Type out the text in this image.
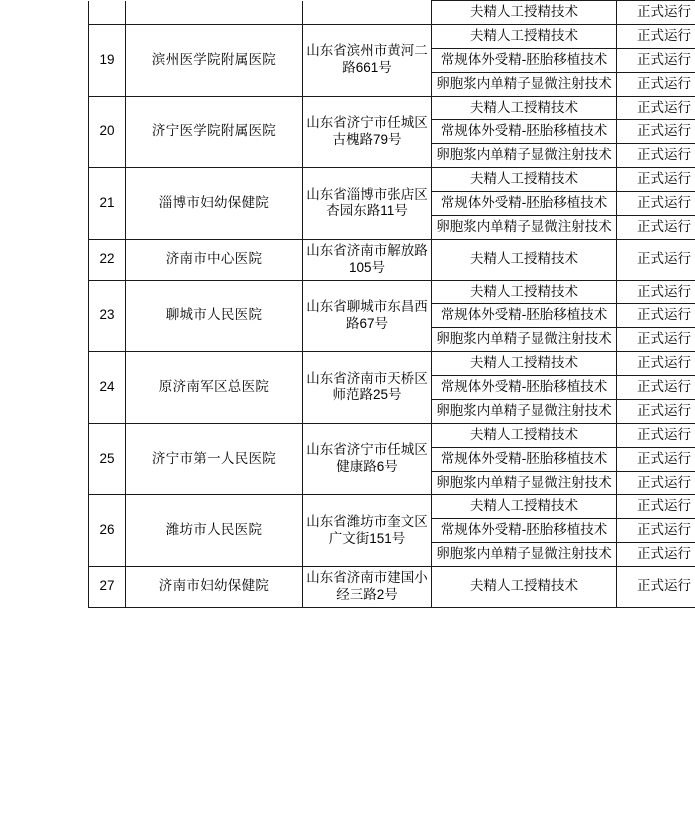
			夫精人工授精技术	正式运行
19	滨州医学院附属医院	山东省滨州市黄河二路661号	夫精人工授精技术	正式运行
			常规体外受精-胚胎移植技术	正式运行
			卵胞浆内单精子显微注射技术	正式运行
20	济宁医学院附属医院	山东省济宁市任城区古槐路79号	夫精人工授精技术	正式运行
			常规体外受精-胚胎移植技术	正式运行
			卵胞浆内单精子显微注射技术	正式运行
21	淄博市妇幼保健院	山东省淄博市张店区杏园东路11号	夫精人工授精技术	正式运行
			常规体外受精-胚胎移植技术	正式运行
			卵胞浆内单精子显微注射技术	正式运行
22	济南市中心医院	山东省济南市解放路105号	夫精人工授精技术	正式运行
23	聊城市人民医院	山东省聊城市东昌西路67号	夫精人工授精技术	正式运行
			常规体外受精-胚胎移植技术	正式运行
			卵胞浆内单精子显微注射技术	正式运行
24	原济南军区总医院	山东省济南市天桥区师范路25号	夫精人工授精技术	正式运行
			常规体外受精-胚胎移植技术	正式运行
			卵胞浆内单精子显微注射技术	正式运行
25	济宁市第一人民医院	山东省济宁市任城区健康路6号	夫精人工授精技术	正式运行
			常规体外受精-胚胎移植技术	正式运行
			卵胞浆内单精子显微注射技术	正式运行
26	潍坊市人民医院	山东省潍坊市奎文区广文街151号	夫精人工授精技术	正式运行
			常规体外受精-胚胎移植技术	正式运行
			卵胞浆内单精子显微注射技术	正式运行
27	济南市妇幼保健院	山东省济南市建国小经三路2号	夫精人工授精技术	正式运行
